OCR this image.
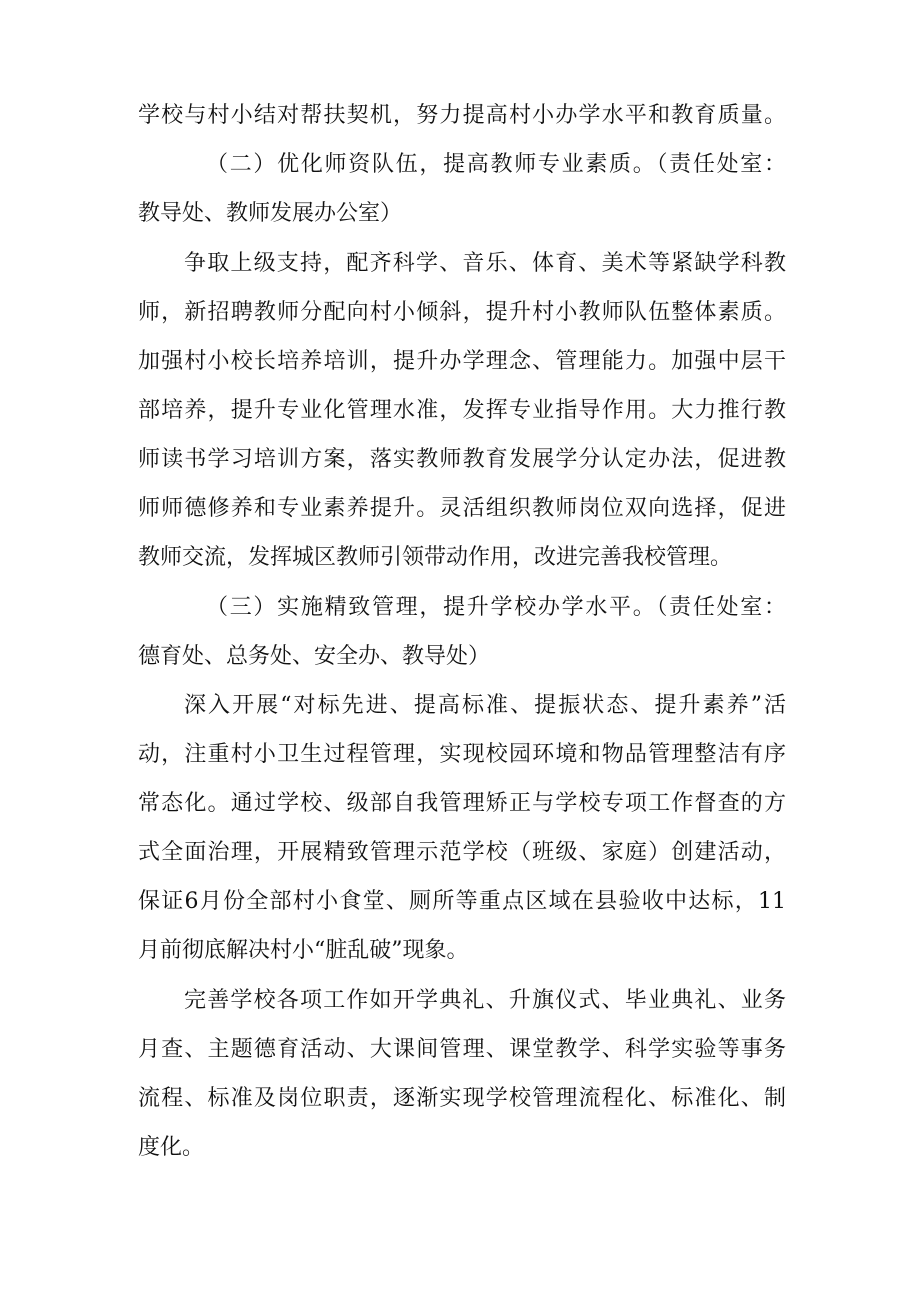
学校与村小结对帮扶契机，努力提高村小办学水平和教育质量。
（二）优化师资队伍，提高教师专业素质。（责任处室：
教导处、教师发展办公室）
争取上级支持，配齐科学、音乐、体育、美术等紧缺学科教
师，新招聘教师分配向村小倾斜，提升村小教师队伍整体素质。
加强村小校长培养培训，提升办学理念、管理能力。加强中层干
部培养，提升专业化管理水准，发挥专业指导作用。大力推行教
师读书学习培训方案，落实教师教育发展学分认定办法，促进教
师师德修养和专业素养提升。灵活组织教师岗位双向选择，促进
教师交流，发挥城区教师引领带动作用，改进完善我校管理。
（三）实施精致管理，提升学校办学水平。（责任处室：
德育处、总务处、安全办、教导处）
深入开展“对标先进、提高标准、提振状态、提升素养”活
动，注重村小卫生过程管理，实现校园环境和物品管理整洁有序
常态化。通过学校、级部自我管理矫正与学校专项工作督查的方
式全面治理，开展精致管理示范学校（班级、家庭）创建活动，
保证6月份全部村小食堂、厕所等重点区域在县验收中达标，11
月前彻底解决村小“脏乱破”现象。
完善学校各项工作如开学典礼、升旗仪式、毕业典礼、业务
月查、主题德育活动、大课间管理、课堂教学、科学实验等事务
流程、标准及岗位职责，逐渐实现学校管理流程化、标准化、制
度化。
